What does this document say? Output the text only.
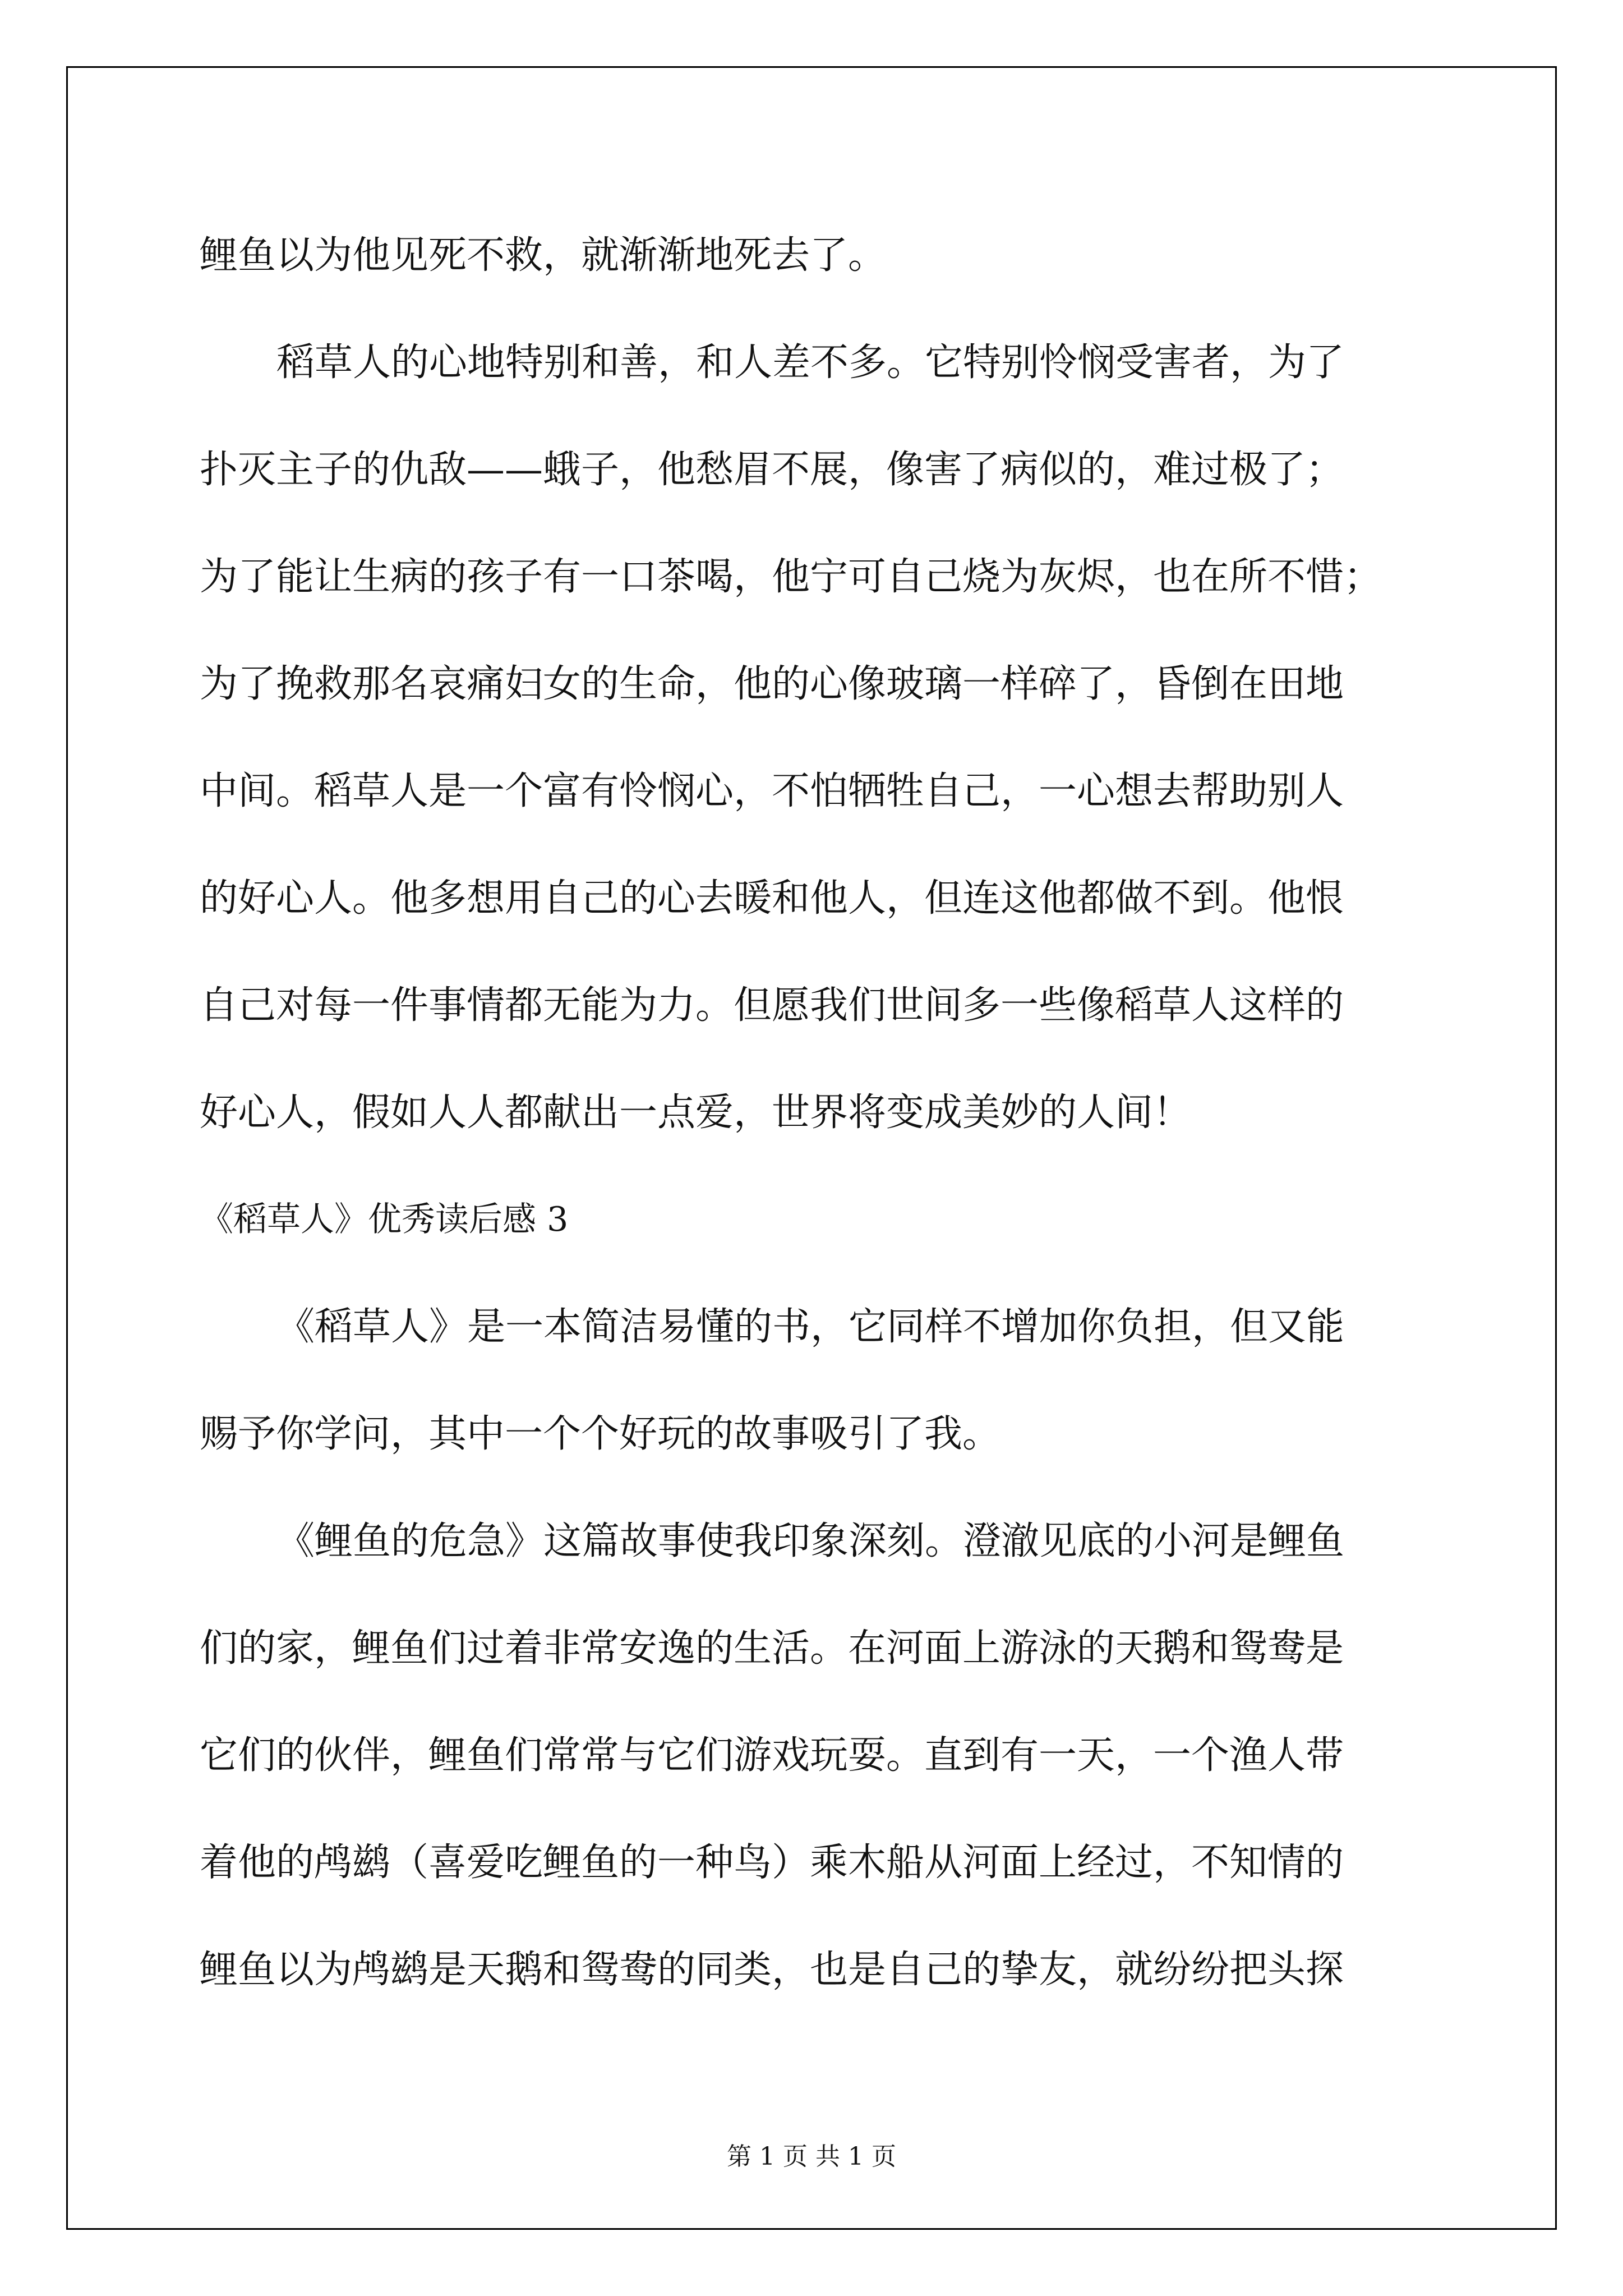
鲤鱼以为他见死不救，就渐渐地死去了。
稻草人的心地特别和善，和人差不多。它特别怜悯受害者，为了
扑灭主子的仇敌——蛾子，他愁眉不展，像害了病似的，难过极了；
为了能让生病的孩子有一口茶喝，他宁可自己烧为灰烬，也在所不惜；
为了挽救那名哀痛妇女的生命，他的心像玻璃一样碎了，昏倒在田地
中间。稻草人是一个富有怜悯心，不怕牺牲自己，一心想去帮助别人
的好心人。他多想用自己的心去暖和他人，但连这他都做不到。他恨
自己对每一件事情都无能为力。但愿我们世间多一些像稻草人这样的
好心人，假如人人都献出一点爱，世界将变成美妙的人间！
《稻草人》优秀读后感 3
《稻草人》是一本简洁易懂的书，它同样不增加你负担，但又能
赐予你学问，其中一个个好玩的故事吸引了我。
《鲤鱼的危急》这篇故事使我印象深刻。澄澈见底的小河是鲤鱼
们的家，鲤鱼们过着非常安逸的生活。在河面上游泳的天鹅和鸳鸯是
它们的伙伴，鲤鱼们常常与它们游戏玩耍。直到有一天，一个渔人带
着他的鸬鹚（喜爱吃鲤鱼的一种鸟）乘木船从河面上经过，不知情的
鲤鱼以为鸬鹚是天鹅和鸳鸯的同类，也是自己的挚友，就纷纷把头探
第 1 页 共 1 页
